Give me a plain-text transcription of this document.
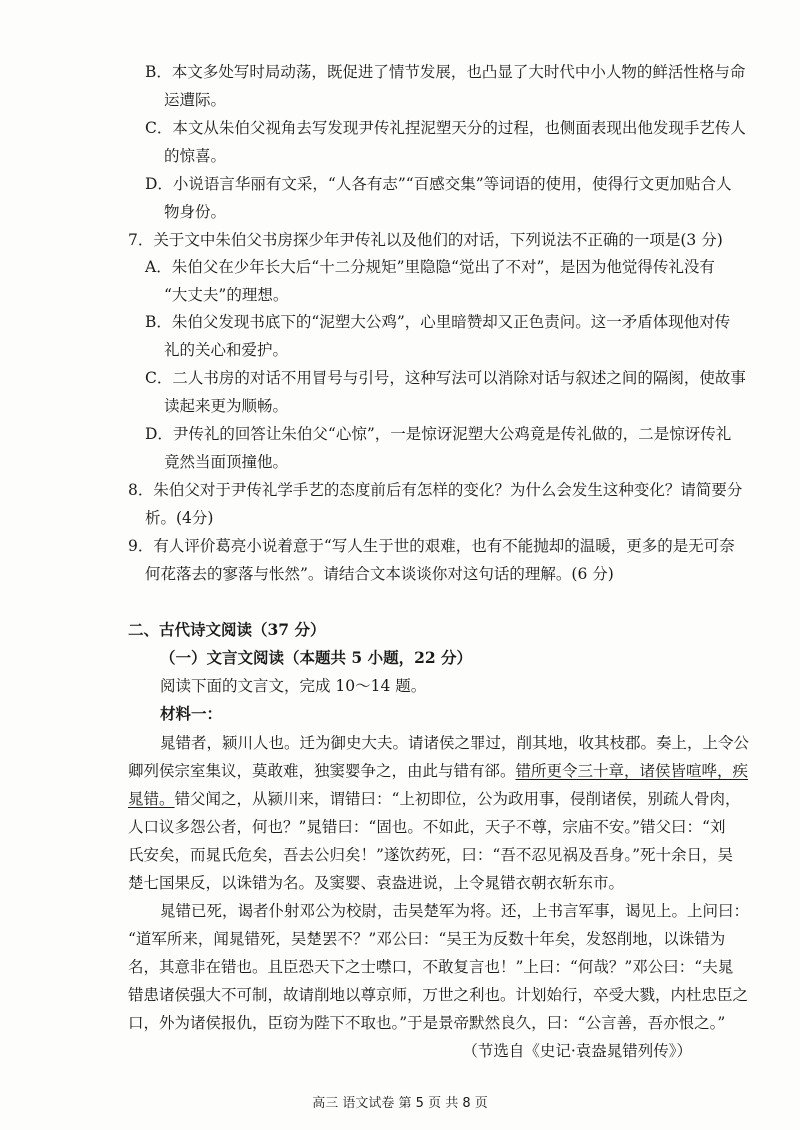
B．本文多处写时局动荡，既促进了情节发展，也凸显了大时代中小人物的鲜活性格与命
运遭际。
C．本文从朱伯父视角去写发现尹传礼捏泥塑天分的过程，也侧面表现出他发现手艺传人
的惊喜。
D．小说语言华丽有文采，“人各有志”“百感交集”等词语的使用，使得行文更加贴合人
物身份。
7．关于文中朱伯父书房探少年尹传礼以及他们的对话，下列说法不正确的一项是(3 分)
A．朱伯父在少年长大后“十二分规矩”里隐隐“觉出了不对”，是因为他觉得传礼没有
“大丈夫”的理想。
B．朱伯父发现书底下的“泥塑大公鸡”，心里暗赞却又正色责问。这一矛盾体现他对传
礼的关心和爱护。
C．二人书房的对话不用冒号与引号，这种写法可以消除对话与叙述之间的隔阂，使故事
读起来更为顺畅。
D．尹传礼的回答让朱伯父“心惊”，一是惊讶泥塑大公鸡竟是传礼做的，二是惊讶传礼
竟然当面顶撞他。
8．朱伯父对于尹传礼学手艺的态度前后有怎样的变化？为什么会发生这种变化？请简要分
析。(4分)
9．有人评价葛亮小说着意于“写人生于世的艰难，也有不能抛却的温暖，更多的是无可奈
何花落去的寥落与怅然”。请结合文本谈谈你对这句话的理解。(6 分)
二、古代诗文阅读（37 分）
（一）文言文阅读（本题共 5 小题，22 分）
阅读下面的文言文，完成 10～14 题。
材料一：
晁错者，颍川人也。迁为御史大夫。请诸侯之罪过，削其地，收其枝郡。奏上，上令公
卿列侯宗室集议，莫敢难，独窦婴争之，由此与错有郤。错所更令三十章，诸侯皆喧哗，疾
晁错。错父闻之，从颍川来，谓错曰：“上初即位，公为政用事，侵削诸侯，别疏人骨肉，
人口议多怨公者，何也？”晁错曰：“固也。不如此，天子不尊，宗庙不安。”错父曰：“刘
氏安矣，而晁氏危矣，吾去公归矣！”遂饮药死，曰：“吾不忍见祸及吾身。”死十余日，吴
楚七国果反，以诛错为名。及窦婴、袁盎进说，上令晁错衣朝衣斩东市。
晁错已死，谒者仆射邓公为校尉，击吴楚军为将。还，上书言军事，谒见上。上问曰：
“道军所来，闻晁错死，吴楚罢不？”邓公曰：“吴王为反数十年矣，发怒削地，以诛错为
名，其意非在错也。且臣恐天下之士噤口，不敢复言也！”上曰：“何哉？”邓公曰：“夫晁
错患诸侯强大不可制，故请削地以尊京师，万世之利也。计划始行，卒受大戮，内杜忠臣之
口，外为诸侯报仇，臣窃为陛下不取也。”于是景帝默然良久，曰：“公言善，吾亦恨之。”
（节选自《史记·袁盎晁错列传》）
高三 语文试卷 第 5 页 共 8 页
